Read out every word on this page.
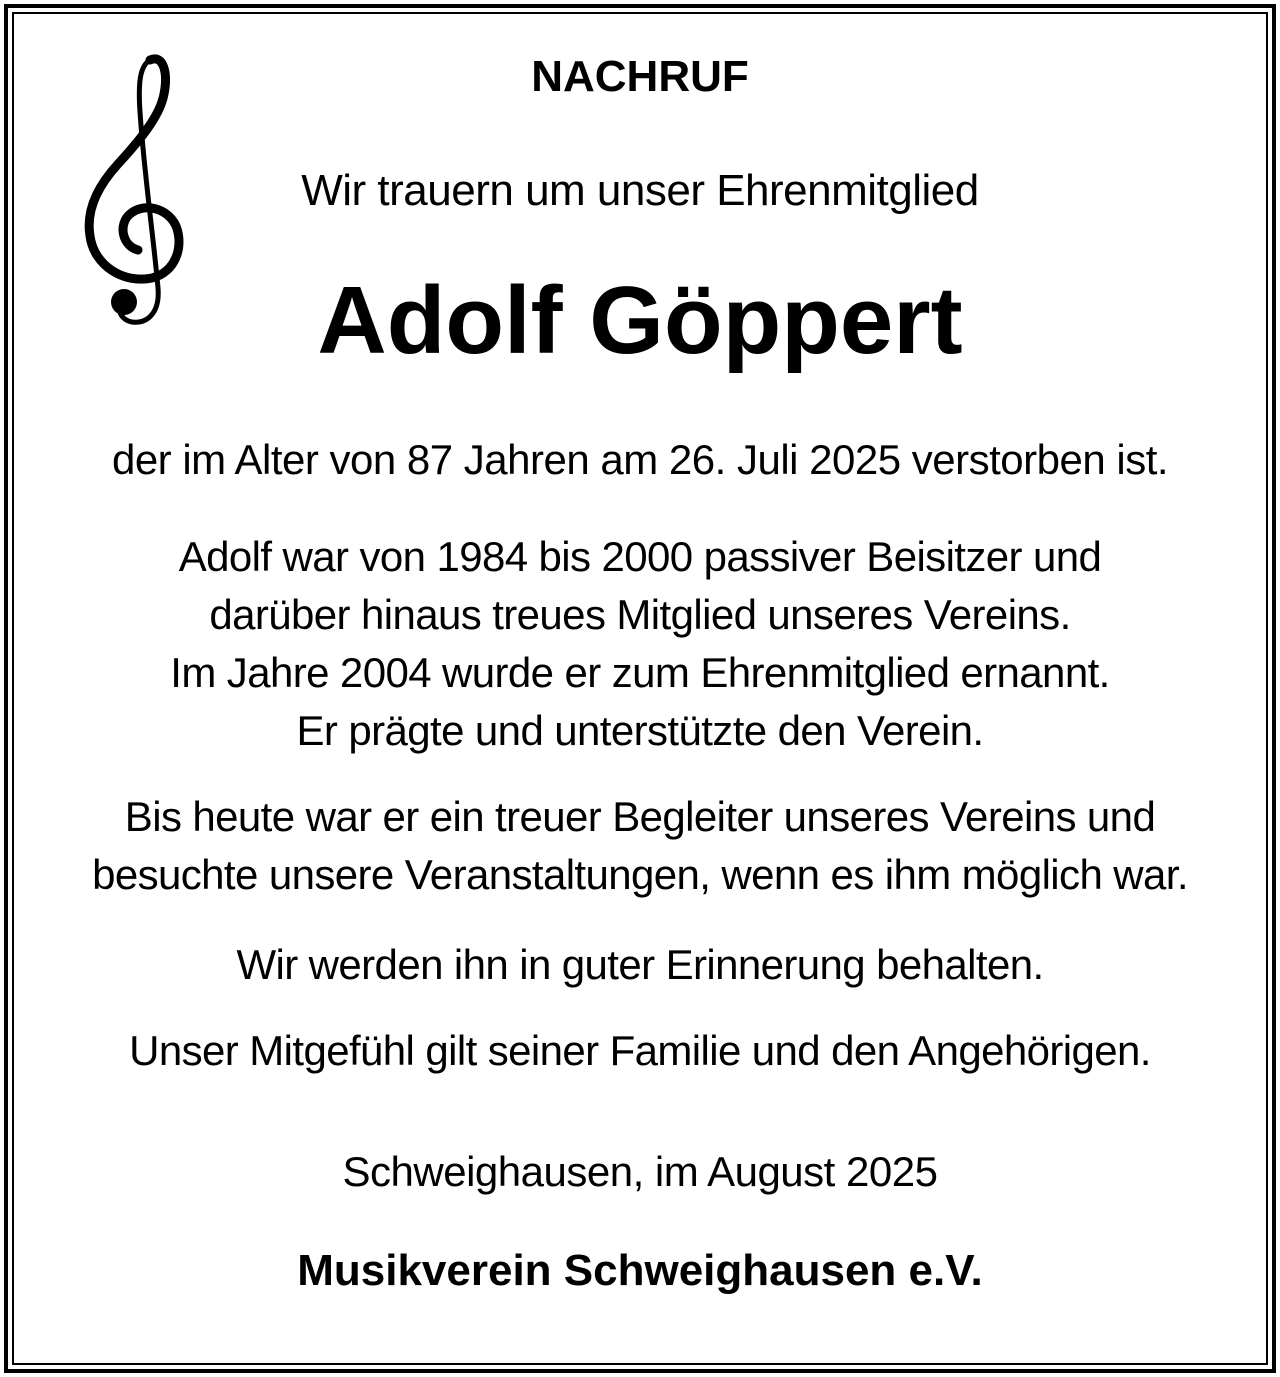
NACHRUF
Wir trauern um unser Ehrenmitglied
Adolf Göppert
der im Alter von 87 Jahren am 26. Juli 2025 verstorben ist.
Adolf war von 1984 bis 2000 passiver Beisitzer und
darüber hinaus treues Mitglied unseres Vereins.
Im Jahre 2004 wurde er zum Ehrenmitglied ernannt.
Er prägte und unterstützte den Verein.
Bis heute war er ein treuer Begleiter unseres Vereins und
besuchte unsere Veranstaltungen, wenn es ihm möglich war.
Wir werden ihn in guter Erinnerung behalten.
Unser Mitgefühl gilt seiner Familie und den Angehörigen.
Schweighausen, im August 2025
Musikverein Schweighausen e.V.
